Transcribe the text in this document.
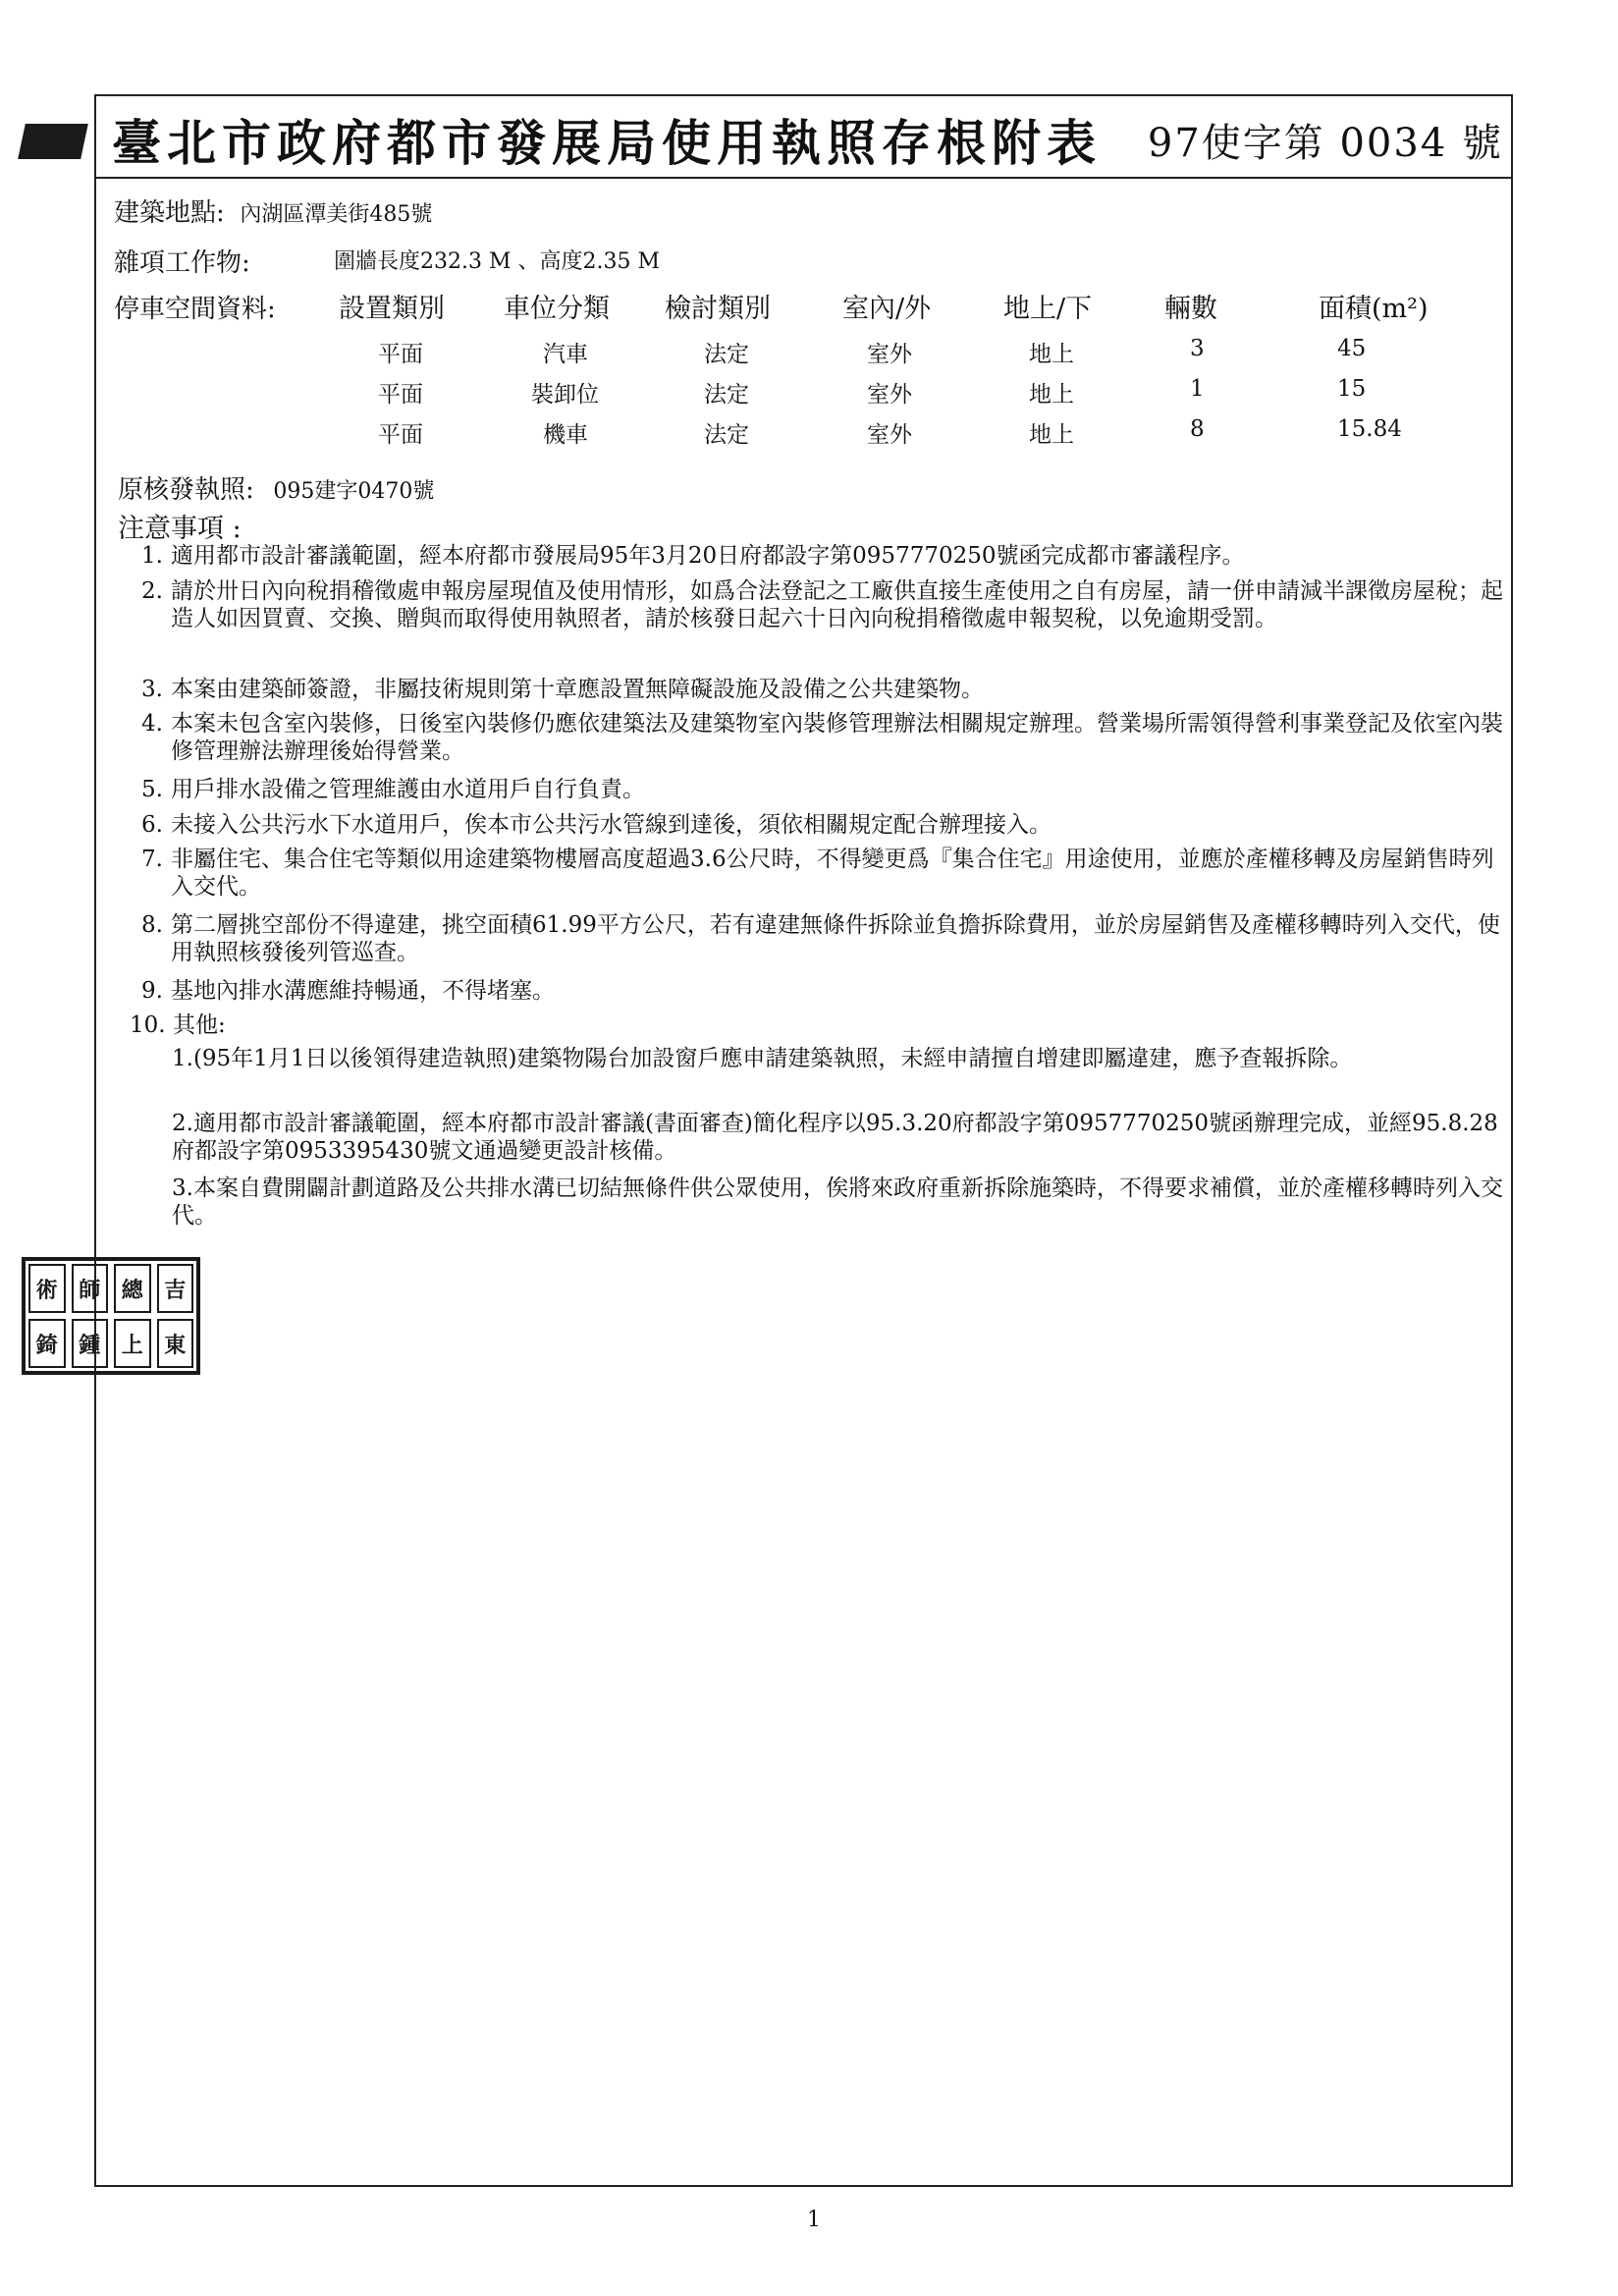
臺北市政府都市發展局使用執照存根附表 97使字第 0034 號
建築地點: 內湖區潭美街485號
雜項工作物:	圍牆長度232.3 M 、高度2.35 M
停車空間資料: 設置類別 車位分類 檢討類別	室內/外	地上/下	輛數	面積(m²)
平面	汽車	法定	室外	地上	3	45
平面	裝卸位	法定	室外	地上	1	15
平面	機車	法定	室外	地上	8	15.84
原核發執照: 095建字0470號
注意事項 :
1. 適用都市設計審議範圍，經本府都市發展局95年3月20日府都設字第0957770250號函完成都市審議程序。
2. 請於卅日內向稅捐稽徵處申報房屋現值及使用情形，如爲合法登記之工廠供直接生產使用之自有房屋，請一併申請減半課徵房屋稅；起造人如因買賣、交換、贈與而取得使用執照者，請於核發日起六十日內向稅捐稽徵處申報契稅，以免逾期受罰。
3. 本案由建築師簽證，非屬技術規則第十章應設置無障礙設施及設備之公共建築物。
4. 本案未包含室內裝修，日後室內裝修仍應依建築法及建築物室內裝修管理辦法相關規定辦理。營業場所需領得營利事業登記及依室內裝修管理辦法辦理後始得營業。
5. 用戶排水設備之管理維護由水道用戶自行負責。
6. 未接入公共污水下水道用戶，俟本市公共污水管線到達後，須依相關規定配合辦理接入。
7. 非屬住宅、集合住宅等類似用途建築物樓層高度超過3.6公尺時，不得變更爲『集合住宅』用途使用，並應於產權移轉及房屋銷售時列入交代。
8. 第二層挑空部份不得違建，挑空面積61.99平方公尺，若有違建無條件拆除並負擔拆除費用，並於房屋銷售及產權移轉時列入交代，使用執照核發後列管巡查。
9. 基地內排水溝應維持暢通，不得堵塞。
10. 其他:
1.(95年1月1日以後領得建造執照)建築物陽台加設窗戶應申請建築執照，未經申請擅自增建即屬違建，應予查報拆除。
2.適用都市設計審議範圍，經本府都市設計審議(書面審查)簡化程序以95.3.20府都設字第0957770250號函辦理完成，並經95.8.28府都設字第0953395430號文通過變更設計核備。
3.本案自費開闢計劃道路及公共排水溝已切結無條件供公眾使用，俟將來政府重新拆除施築時，不得要求補償，並於產權移轉時列入交代。
術 師 總 吉
錡 鍾 上 東
1
